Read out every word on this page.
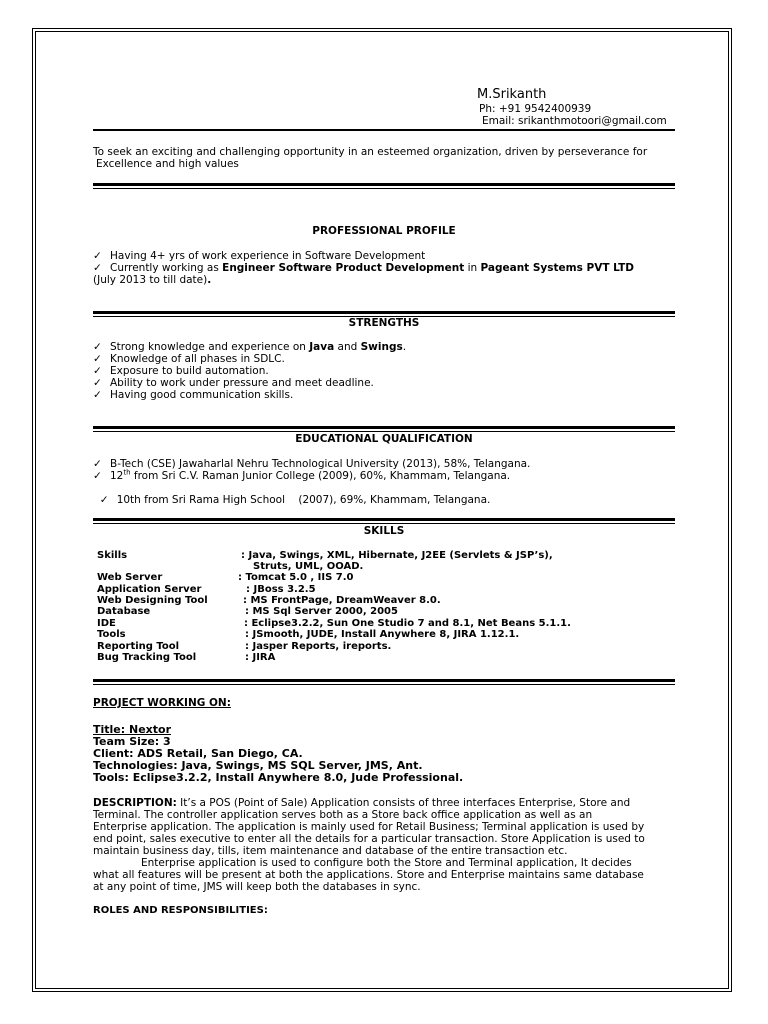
M.Srikanth
Ph: +91 9542400939
Email: srikanthmotoori@gmail.com
To seek an exciting and challenging opportunity in an esteemed organization, driven by perseverance for
Excellence and high values
PROFESSIONAL PROFILE
✓ Having 4+ yrs of work experience in Software Development
✓ Currently working as Engineer Software Product Development in Pageant Systems PVT LTD
(July 2013 to till date).
STRENGTHS
✓ Strong knowledge and experience on Java and Swings.
✓ Knowledge of all phases in SDLC.
✓ Exposure to build automation.
✓ Ability to work under pressure and meet deadline.
✓ Having good communication skills.
EDUCATIONAL QUALIFICATION
✓ B-Tech (CSE) Jawaharlal Nehru Technological University (2013), 58%, Telangana.
✓ 12th from Sri C.V. Raman Junior College (2009), 60%, Khammam, Telangana.

✓ 10th from Sri Rama High School    (2007), 69%, Khammam, Telangana.

SKILLS
Skills	: Java, Swings, XML, Hibernate, J2EE (Servlets & JSP’s),
Struts, UML, OOAD.
Web Server	: Tomcat 5.0 , IIS 7.0
Application Server	: JBoss 3.2.5
Web Designing Tool	: MS FrontPage, DreamWeaver 8.0.
Database	: MS Sql Server 2000, 2005
IDE	: Eclipse3.2.2, Sun One Studio 7 and 8.1, Net Beans 5.1.1.
Tools	: JSmooth, JUDE, Install Anywhere 8, JIRA 1.12.1.
Reporting Tool	: Jasper Reports, ireports.
Bug Tracking Tool	: JIRA
PROJECT WORKING ON:
Title: Nextor
Team Size: 3
Client: ADS Retail, San Diego, CA.
Technologies: Java, Swings, MS SQL Server, JMS, Ant.
Tools: Eclipse3.2.2, Install Anywhere 8.0, Jude Professional.
DESCRIPTION: It’s a POS (Point of Sale) Application consists of three interfaces Enterprise, Store and
Terminal. The controller application serves both as a Store back office application as well as an
Enterprise application. The application is mainly used for Retail Business; Terminal application is used by
end point, sales executive to enter all the details for a particular transaction. Store Application is used to
maintain business day, tills, item maintenance and database of the entire transaction etc.
Enterprise application is used to configure both the Store and Terminal application, It decides
what all features will be present at both the applications. Store and Enterprise maintains same database
at any point of time, JMS will keep both the databases in sync.
ROLES AND RESPONSIBILITIES:
